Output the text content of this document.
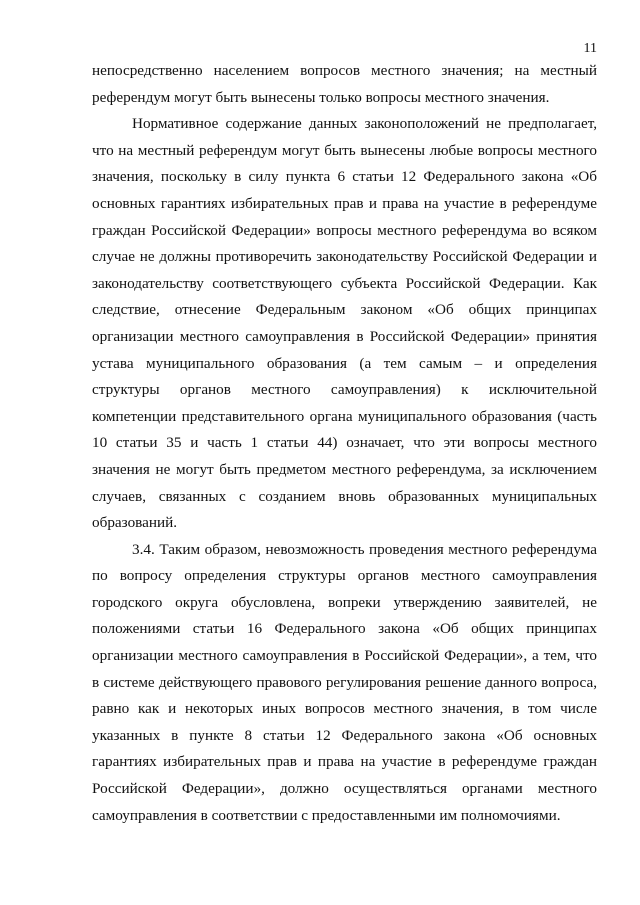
11

непосредственно населением вопросов местного значения; на местный референдум могут быть вынесены только вопросы местного значения.

Нормативное содержание данных законоположений не предполагает, что на местный референдум могут быть вынесены любые вопросы местного значения, поскольку в силу пункта 6 статьи 12 Федерального закона «Об основных гарантиях избирательных прав и права на участие в референдуме граждан Российской Федерации» вопросы местного референдума во всяком случае не должны противоречить законодательству Российской Федерации и законодательству соответствующего субъекта Российской Федерации. Как следствие, отнесение Федеральным законом «Об общих принципах организации местного самоуправления в Российской Федерации» принятия устава муниципального образования (а тем самым – и определения структуры органов местного самоуправления) к исключительной компетенции представительного органа муниципального образования (часть 10 статьи 35 и часть 1 статьи 44) означает, что эти вопросы местного значения не могут быть предметом местного референдума, за исключением случаев, связанных с созданием вновь образованных муниципальных образований.

3.4. Таким образом, невозможность проведения местного референдума по вопросу определения структуры органов местного самоуправления городского округа обусловлена, вопреки утверждению заявителей, не положениями статьи 16 Федерального закона «Об общих принципах организации местного самоуправления в Российской Федерации», а тем, что в системе действующего правового регулирования решение данного вопроса, равно как и некоторых иных вопросов местного значения, в том числе указанных в пункте 8 статьи 12 Федерального закона «Об основных гарантиях избирательных прав и права на участие в референдуме граждан Российской Федерации», должно осуществляться органами местного самоуправления в соответствии с предоставленными им полномочиями.
